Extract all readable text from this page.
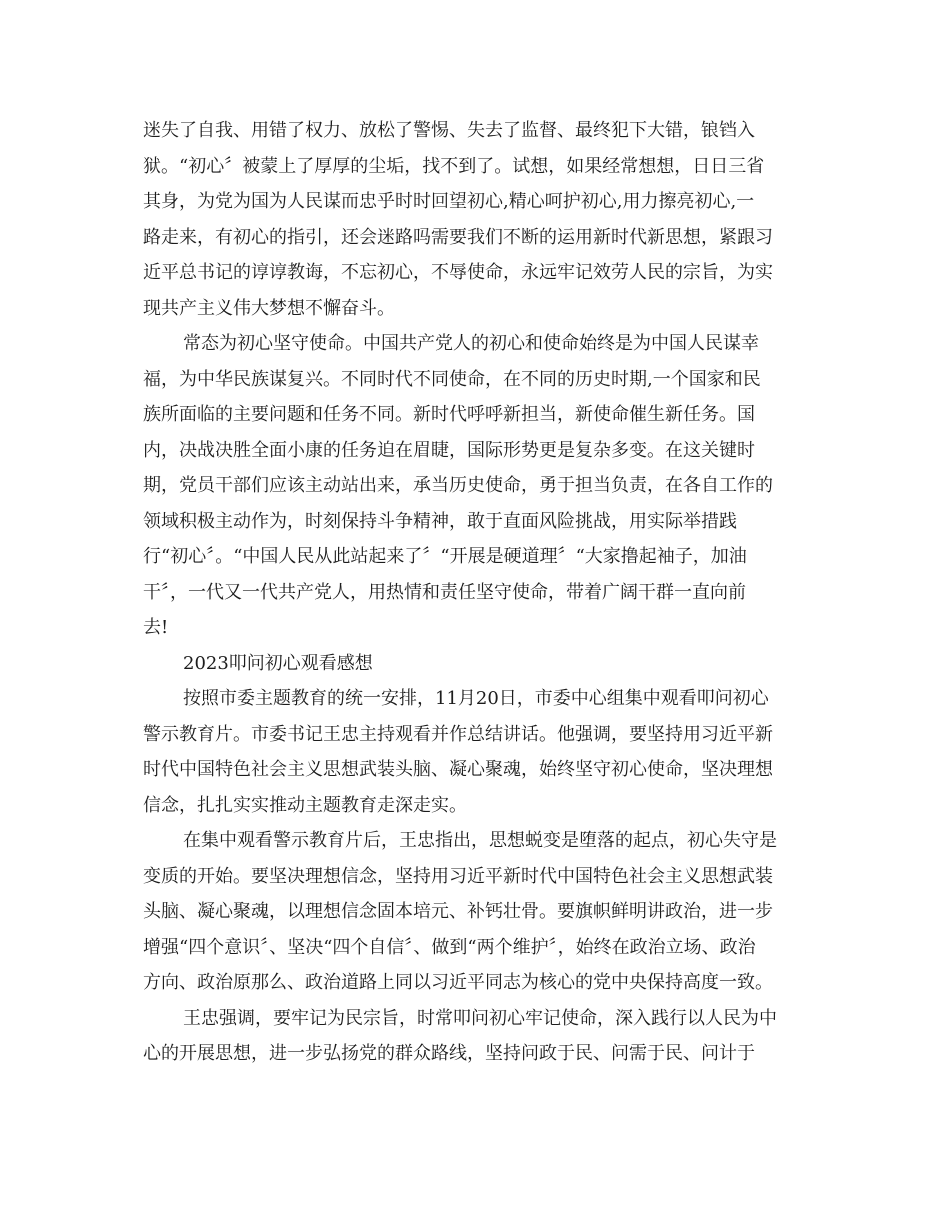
迷失了自我、用错了权力、放松了警惕、失去了监督、最终犯下大错，锒铛入
狱。“初心〞被蒙上了厚厚的尘垢，找不到了。试想，如果经常想想，日日三省
其身，为党为国为人民谋而忠乎时时回望初心,精心呵护初心,用力擦亮初心,一
路走来，有初心的指引，还会迷路吗需要我们不断的运用新时代新思想，紧跟习
近平总书记的谆谆教诲，不忘初心，不辱使命，永远牢记效劳人民的宗旨，为实
现共产主义伟大梦想不懈奋斗。

常态为初心坚守使命。中国共产党人的初心和使命始终是为中国人民谋幸
福，为中华民族谋复兴。不同时代不同使命，在不同的历史时期,一个国家和民
族所面临的主要问题和任务不同。新时代呼呼新担当，新使命催生新任务。国
内，决战决胜全面小康的任务迫在眉睫，国际形势更是复杂多变。在这关键时
期，党员干部们应该主动站出来，承当历史使命，勇于担当负责，在各自工作的
领域积极主动作为，时刻保持斗争精神，敢于直面风险挑战，用实际举措践
行“初心〞。“中国人民从此站起来了〞“开展是硬道理〞“大家撸起袖子，加油
干〞，一代又一代共产党人，用热情和责任坚守使命，带着广阔干群一直向前
去!

2023叩问初心观看感想

按照市委主题教育的统一安排，11月20日，市委中心组集中观看叩问初心
警示教育片。市委书记王忠主持观看并作总结讲话。他强调，要坚持用习近平新
时代中国特色社会主义思想武装头脑、凝心聚魂，始终坚守初心使命，坚决理想
信念，扎扎实实推动主题教育走深走实。

在集中观看警示教育片后，王忠指出，思想蜕变是堕落的起点，初心失守是
变质的开始。要坚决理想信念，坚持用习近平新时代中国特色社会主义思想武装
头脑、凝心聚魂，以理想信念固本培元、补钙壮骨。要旗帜鲜明讲政治，进一步
增强“四个意识〞、坚决“四个自信〞、做到“两个维护〞，始终在政治立场、政治
方向、政治原那么、政治道路上同以习近平同志为核心的党中央保持高度一致。

王忠强调，要牢记为民宗旨，时常叩问初心牢记使命，深入践行以人民为中
心的开展思想，进一步弘扬党的群众路线，坚持问政于民、问需于民、问计于
